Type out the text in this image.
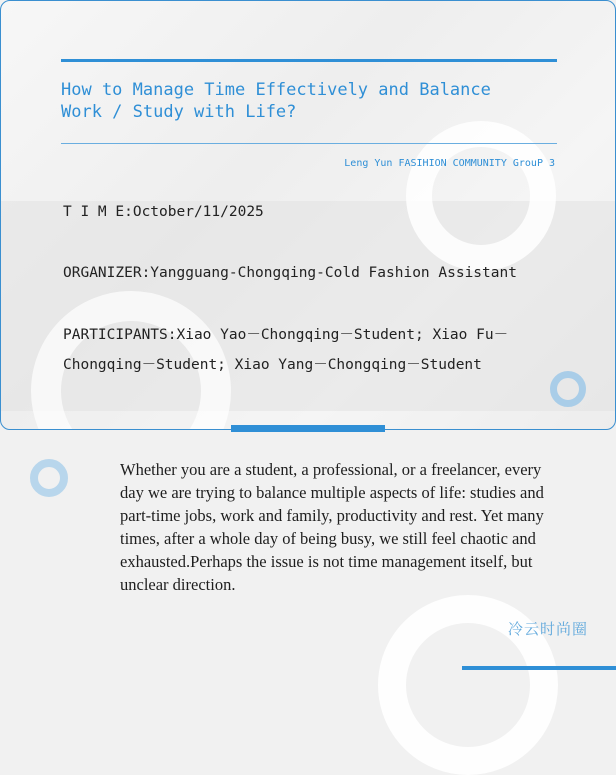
How to Manage Time Effectively and Balance Work / Study with Life?
Leng Yun FASIHION COMMUNITY GrouP 3
T I M E:October/11/2025
ORGANIZER:Yangguang-Chongqing-Cold Fashion Assistant
PARTICIPANTS:Xiao Yao－Chongqing－Student; Xiao Fu－Chongqing－Student; Xiao Yang－Chongqing－Student
Whether you are a student, a professional, or a freelancer, every day we are trying to balance multiple aspects of life: studies and part-time jobs, work and family, productivity and rest. Yet many times, after a whole day of being busy, we still feel chaotic and exhausted.Perhaps the issue is not time management itself, but unclear direction.
冷云时尚圈
